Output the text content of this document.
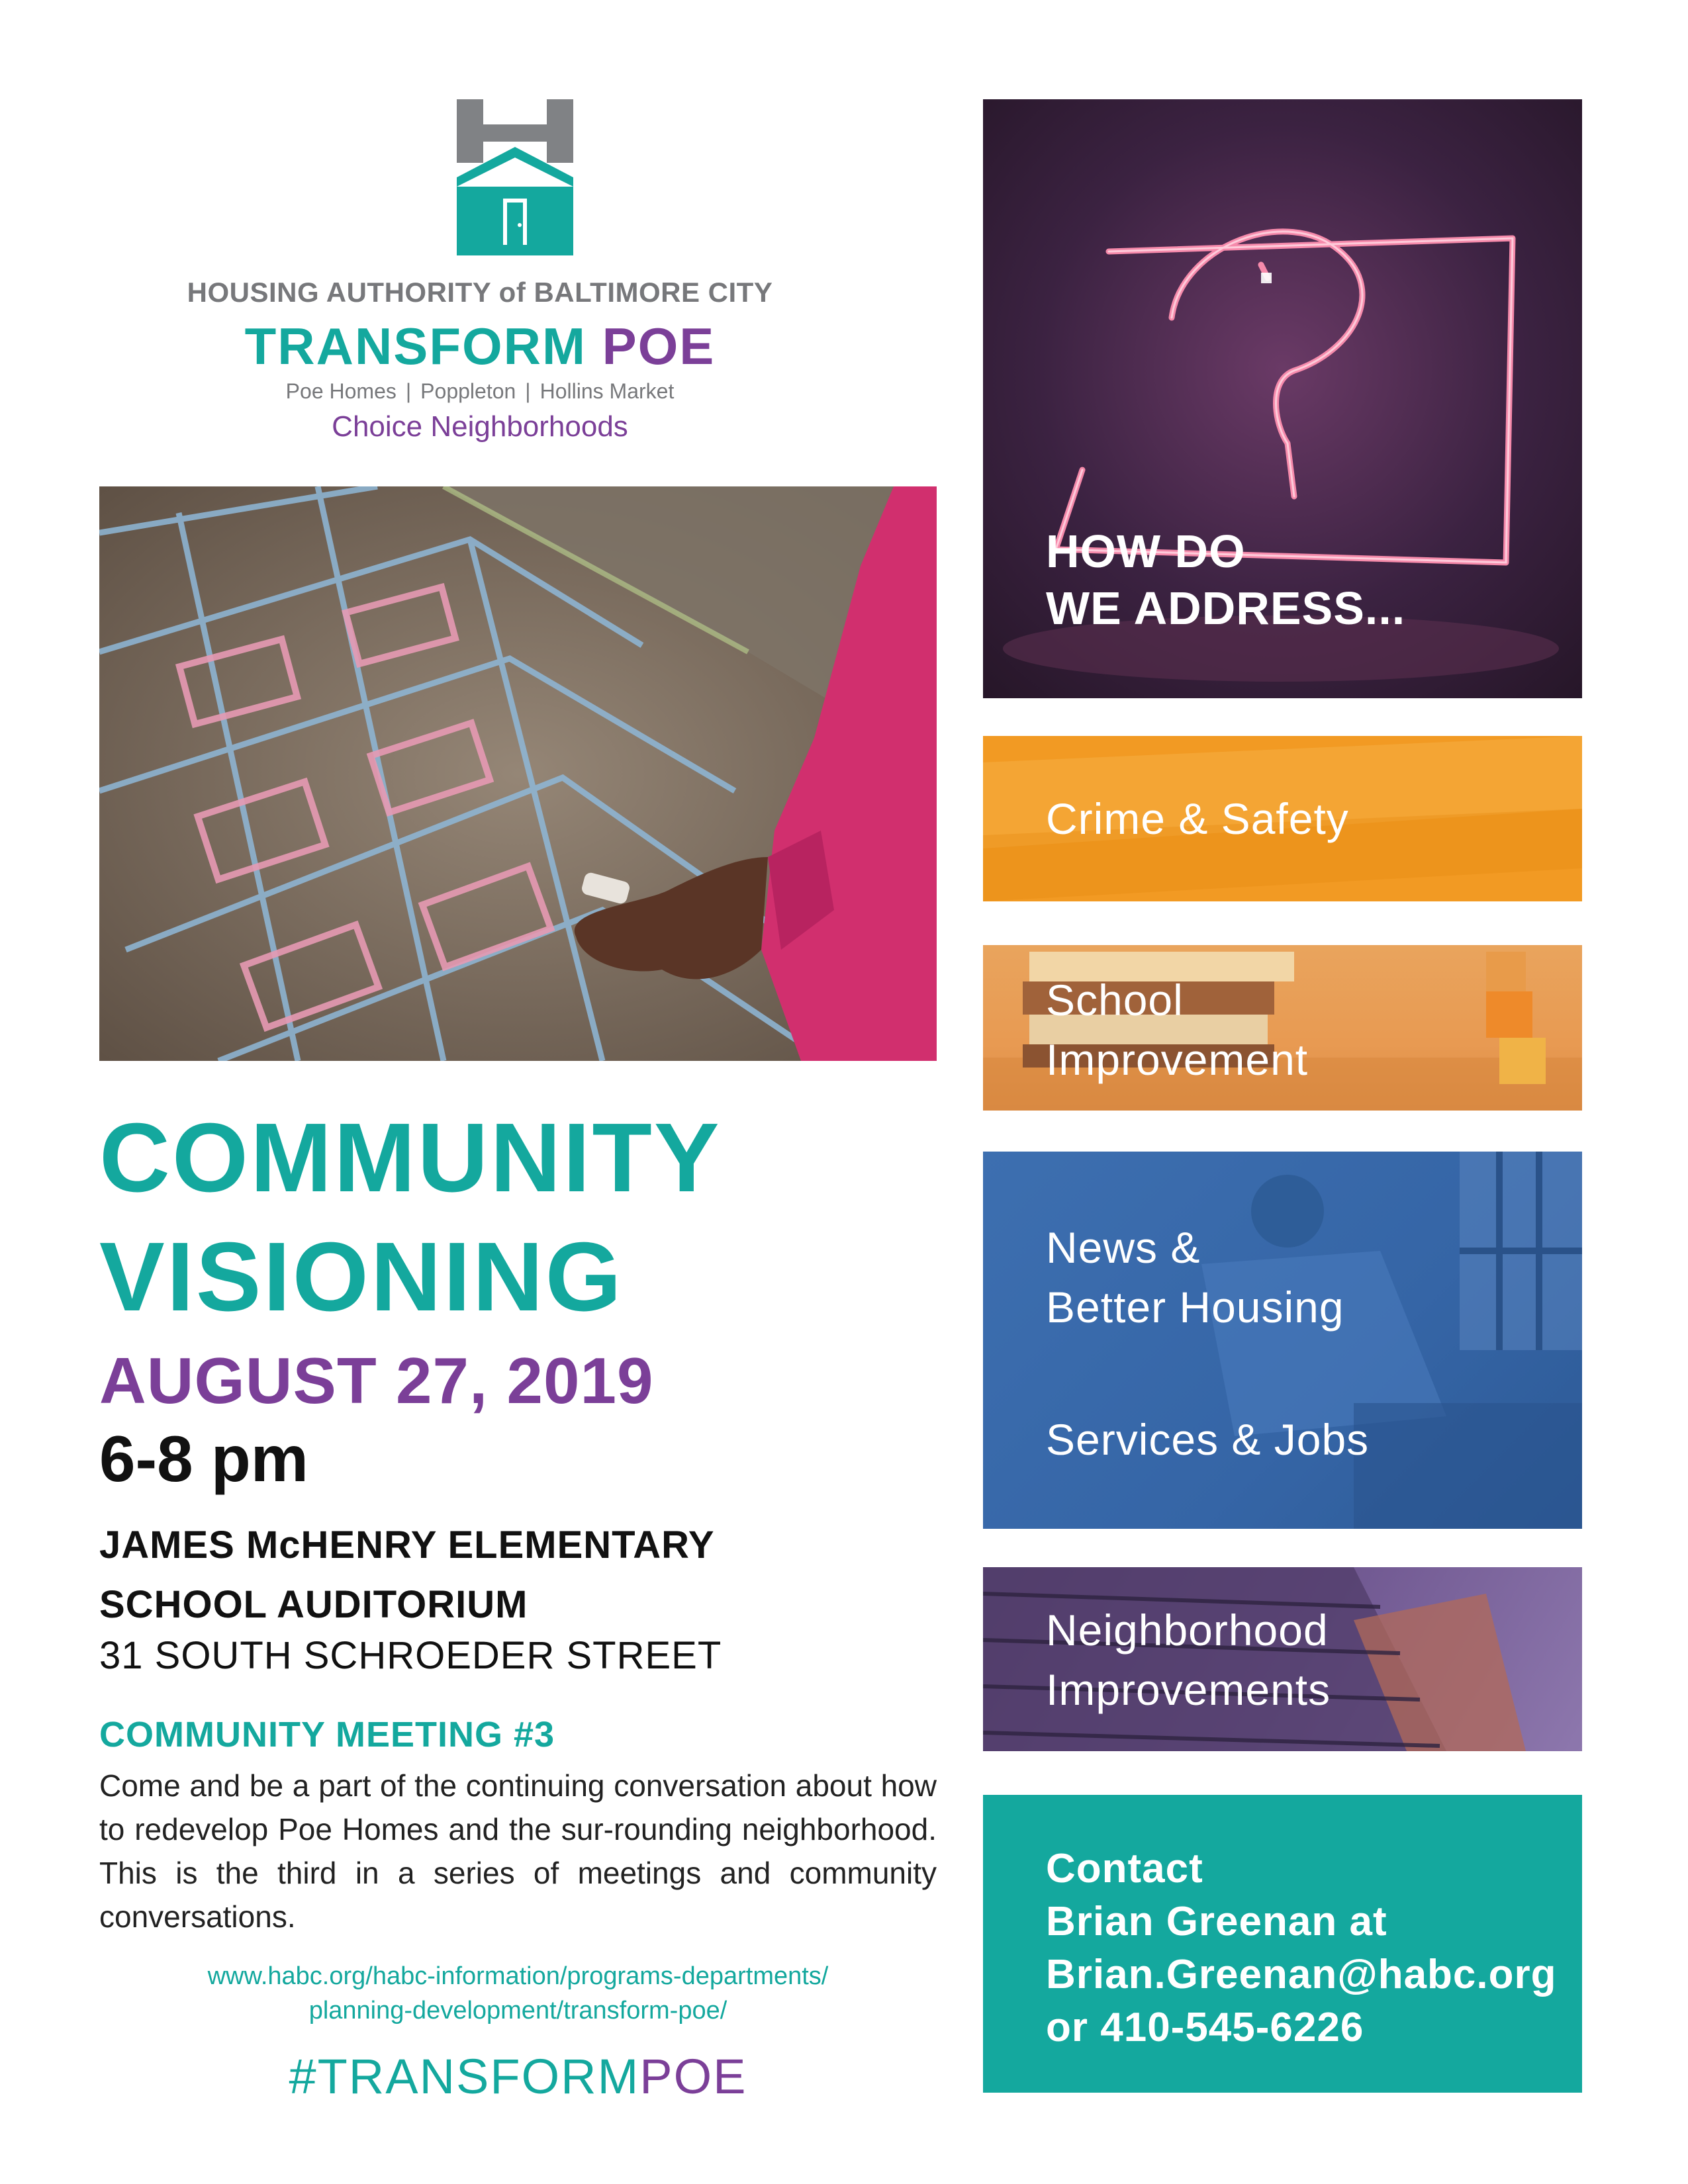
HOUSING AUTHORITY of BALTIMORE CITY
TRANSFORM POE
Poe Homes | Poppleton | Hollins Market
Choice Neighborhoods
COMMUNITY
VISIONING
AUGUST 27, 2019
6-8 pm
JAMES McHENRY ELEMENTARY
SCHOOL AUDITORIUM
31 SOUTH SCHROEDER STREET
COMMUNITY MEETING #3
Come and be a part of the continuing conversation about how to redevelop Poe Homes and the sur-rounding neighborhood. This is the third in a series of meetings and community conversations.
www.habc.org/habc-information/programs-departments/
planning-development/transform-poe/
#TRANSFORMPOE
HOW DO
WE ADDRESS...
Crime & Safety
School
Improvement
News &
Better Housing
Services & Jobs
Neighborhood
Improvements
Contact
Brian Greenan at
Brian.Greenan@habc.org
or 410-545-6226
